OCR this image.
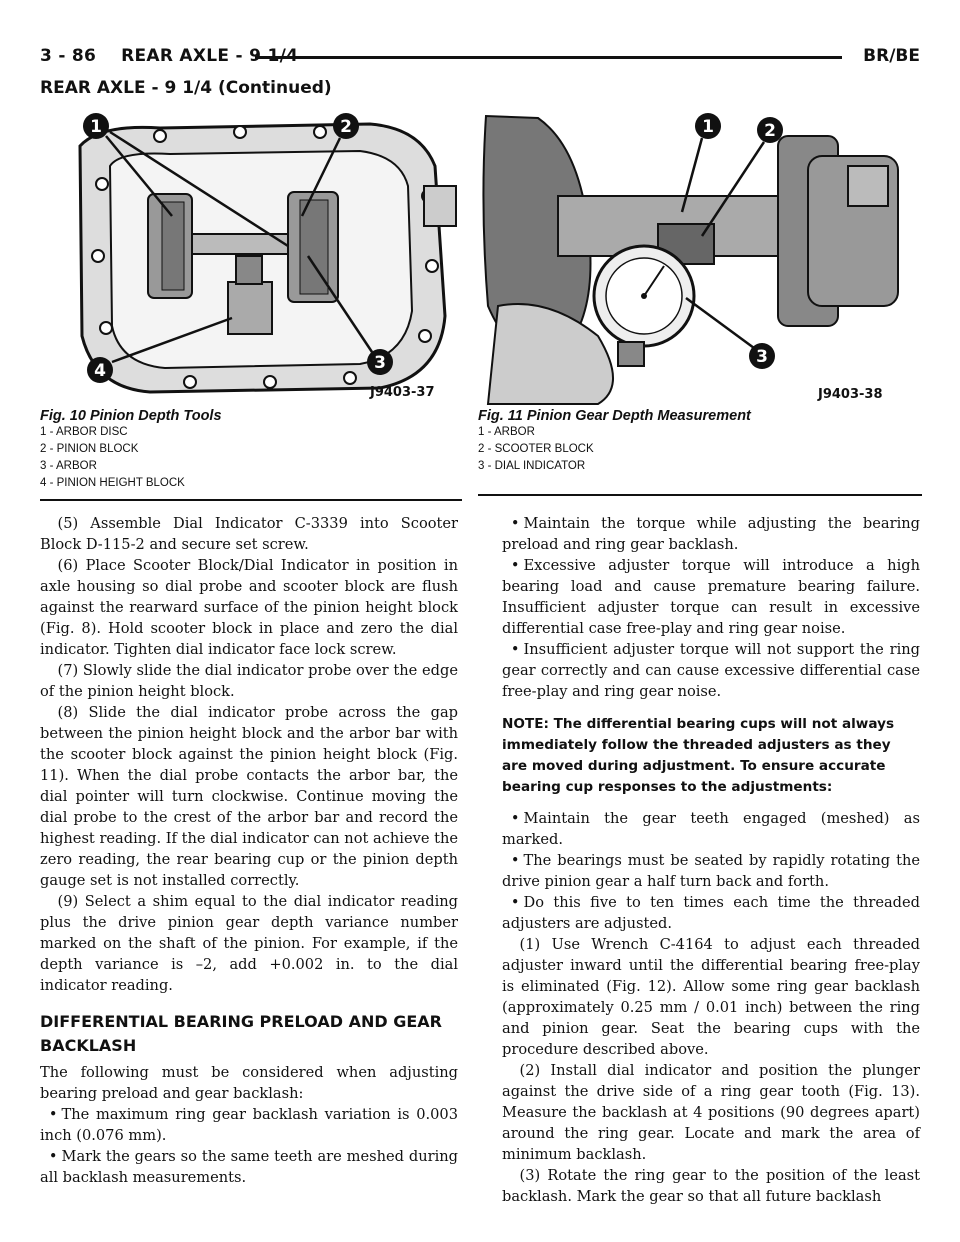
3 - 86 REAR AXLE - 9 1/4	BR/BE
REAR AXLE - 9 1/4 (Continued)
1	2
3
4
J9403-37
Fig. 10 Pinion Depth Tools
1 - ARBOR DISC
2 - PINION BLOCK
3 - ARBOR
4 - PINION HEIGHT BLOCK
1	2
3
J9403-38
Fig. 11 Pinion Gear Depth Measurement
1 - ARBOR
2 - SCOOTER BLOCK
3 - DIAL INDICATOR

(5) Assemble Dial Indicator C-3339 into Scooter Block D-115-2 and secure set screw.

(6) Place Scooter Block/Dial Indicator in position in axle housing so dial probe and scooter block are flush against the rearward surface of the pinion height block (Fig. 8). Hold scooter block in place and zero the dial indicator. Tighten dial indicator face lock screw.

(7) Slowly slide the dial indicator probe over the edge of the pinion height block.

(8) Slide the dial indicator probe across the gap between the pinion height block and the arbor bar with the scooter block against the pinion height block (Fig. 11). When the dial probe contacts the arbor bar, the dial pointer will turn clockwise. Continue moving the dial probe to the crest of the arbor bar and record the highest reading. If the dial indicator can not achieve the zero reading, the rear bearing cup or the pinion depth gauge set is not installed correctly.

(9) Select a shim equal to the dial indicator reading plus the drive pinion gear depth variance number marked on the shaft of the pinion. For example, if the depth variance is –2, add +0.002 in. to the dial indicator reading.

DIFFERENTIAL BEARING PRELOAD AND GEAR BACKLASH

The following must be considered when adjusting bearing preload and gear backlash:

• The maximum ring gear backlash variation is 0.003 inch (0.076 mm).

• Mark the gears so the same teeth are meshed during all backlash measurements.

• Maintain the torque while adjusting the bearing preload and ring gear backlash.

• Excessive adjuster torque will introduce a high bearing load and cause premature bearing failure. Insufficient adjuster torque can result in excessive differential case free-play and ring gear noise.

• Insufficient adjuster torque will not support the ring gear correctly and can cause excessive differential case free-play and ring gear noise.

NOTE: The differential bearing cups will not always immediately follow the threaded adjusters as they are moved during adjustment. To ensure accurate bearing cup responses to the adjustments:

• Maintain the gear teeth engaged (meshed) as marked.

• The bearings must be seated by rapidly rotating the drive pinion gear a half turn back and forth.

• Do this five to ten times each time the threaded adjusters are adjusted.

(1) Use Wrench C-4164 to adjust each threaded adjuster inward until the differential bearing free-play is eliminated (Fig. 12). Allow some ring gear backlash (approximately 0.25 mm / 0.01 inch) between the ring and pinion gear. Seat the bearing cups with the procedure described above.

(2) Install dial indicator and position the plunger against the drive side of a ring gear tooth (Fig. 13). Measure the backlash at 4 positions (90 degrees apart) around the ring gear. Locate and mark the area of minimum backlash.

(3) Rotate the ring gear to the position of the least backlash. Mark the gear so that all future backlash
